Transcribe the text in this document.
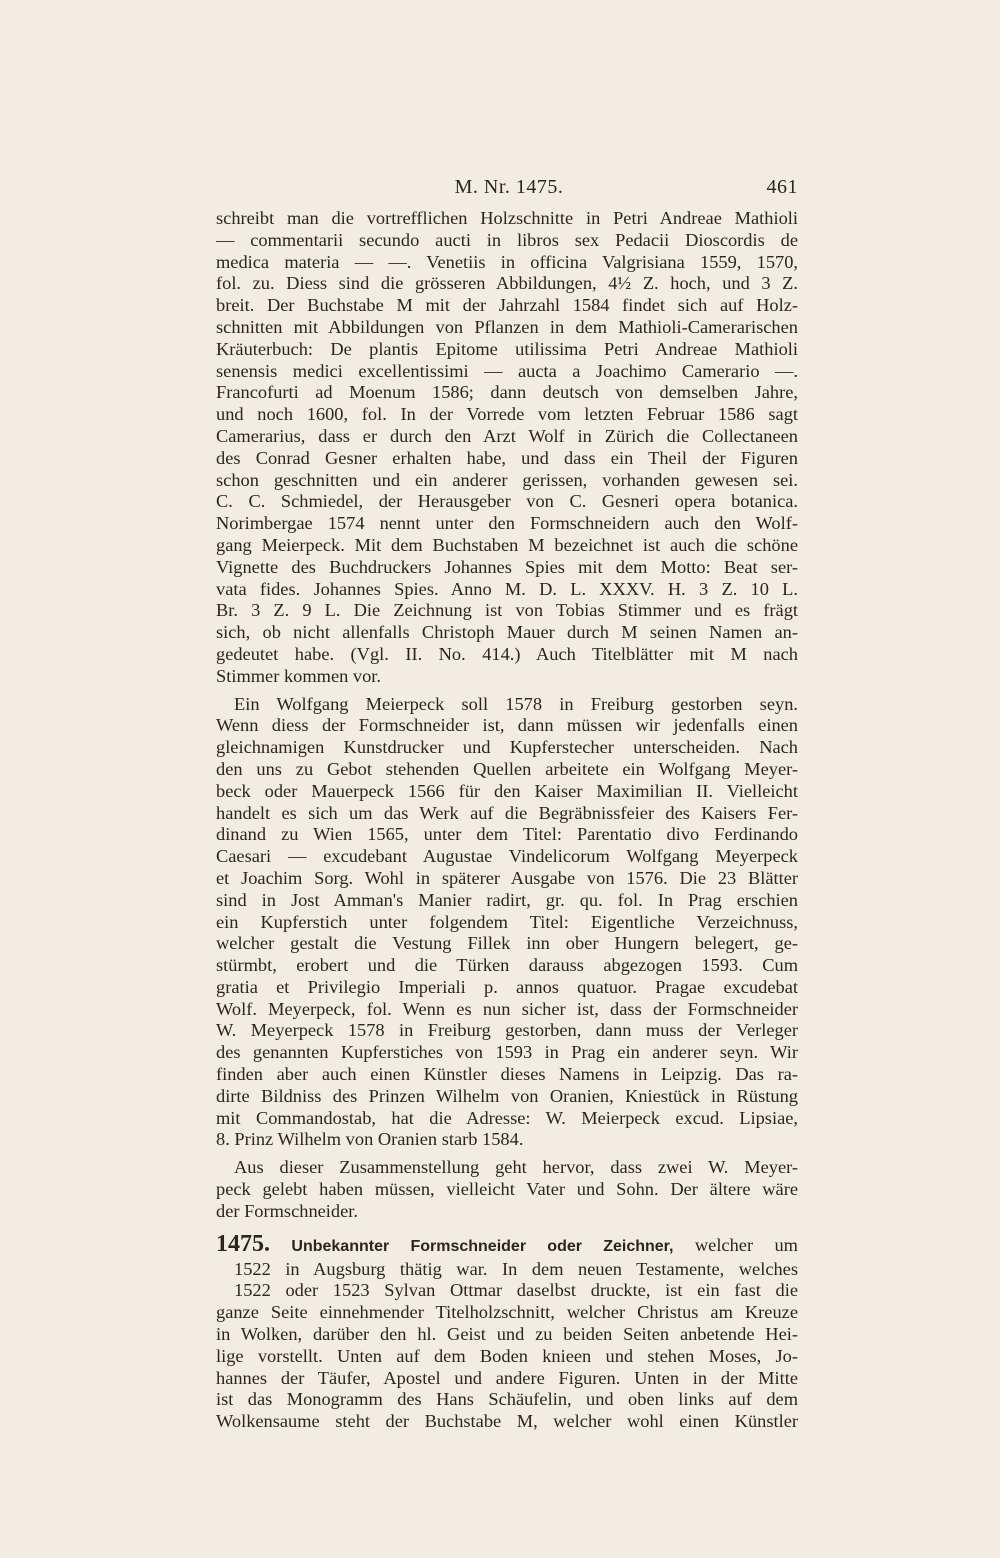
M. Nr. 1475.	461
schreibt man die vortrefflichen Holzschnitte in Petri Andreae Mathioli
— commentarii secundo aucti in libros sex Pedacii Dioscordis de
medica materia — —. Venetiis in officina Valgrisiana 1559, 1570,
fol. zu. Diess sind die grösseren Abbildungen, 4½ Z. hoch, und 3 Z.
breit. Der Buchstabe M mit der Jahrzahl 1584 findet sich auf Holz-
schnitten mit Abbildungen von Pflanzen in dem Mathioli-Camerarischen
Kräuterbuch: De plantis Epitome utilissima Petri Andreae Mathioli
senensis medici excellentissimi — aucta a Joachimo Camerario —.
Francofurti ad Moenum 1586; dann deutsch von demselben Jahre,
und noch 1600, fol. In der Vorrede vom letzten Februar 1586 sagt
Camerarius, dass er durch den Arzt Wolf in Zürich die Collectaneen
des Conrad Gesner erhalten habe, und dass ein Theil der Figuren
schon geschnitten und ein anderer gerissen, vorhanden gewesen sei.
C. C. Schmiedel, der Herausgeber von C. Gesneri opera botanica.
Norimbergae 1574 nennt unter den Formschneidern auch den Wolf-
gang Meierpeck. Mit dem Buchstaben M bezeichnet ist auch die schöne
Vignette des Buchdruckers Johannes Spies mit dem Motto: Beat ser-
vata fides. Johannes Spies. Anno M. D. L. XXXV. H. 3 Z. 10 L.
Br. 3 Z. 9 L. Die Zeichnung ist von Tobias Stimmer und es frägt
sich, ob nicht allenfalls Christoph Mauer durch M seinen Namen an-
gedeutet habe. (Vgl. II. No. 414.) Auch Titelblätter mit M nach
Stimmer kommen vor.
Ein Wolfgang Meierpeck soll 1578 in Freiburg gestorben seyn.
Wenn diess der Formschneider ist, dann müssen wir jedenfalls einen
gleichnamigen Kunstdrucker und Kupferstecher unterscheiden. Nach
den uns zu Gebot stehenden Quellen arbeitete ein Wolfgang Meyer-
beck oder Mauerpeck 1566 für den Kaiser Maximilian II. Vielleicht
handelt es sich um das Werk auf die Begräbnissfeier des Kaisers Fer-
dinand zu Wien 1565, unter dem Titel: Parentatio divo Ferdinando
Caesari — excudebant Augustae Vindelicorum Wolfgang Meyerpeck
et Joachim Sorg. Wohl in späterer Ausgabe von 1576. Die 23 Blätter
sind in Jost Amman's Manier radirt, gr. qu. fol. In Prag erschien
ein Kupferstich unter folgendem Titel: Eigentliche Verzeichnuss,
welcher gestalt die Vestung Fillek inn ober Hungern belegert, ge-
stürmbt, erobert und die Türken darauss abgezogen 1593. Cum
gratia et Privilegio Imperiali p. annos quatuor. Pragae excudebat
Wolf. Meyerpeck, fol. Wenn es nun sicher ist, dass der Formschneider
W. Meyerpeck 1578 in Freiburg gestorben, dann muss der Verleger
des genannten Kupferstiches von 1593 in Prag ein anderer seyn. Wir
finden aber auch einen Künstler dieses Namens in Leipzig. Das ra-
dirte Bildniss des Prinzen Wilhelm von Oranien, Kniestück in Rüstung
mit Commandostab, hat die Adresse: W. Meierpeck excud. Lipsiae,
8. Prinz Wilhelm von Oranien starb 1584.
Aus dieser Zusammenstellung geht hervor, dass zwei W. Meyer-
peck gelebt haben müssen, vielleicht Vater und Sohn. Der ältere wäre
der Formschneider.
1475. Unbekannter Formschneider oder Zeichner, welcher um
1522 in Augsburg thätig war. In dem neuen Testamente, welches
1522 oder 1523 Sylvan Ottmar daselbst druckte, ist ein fast die
ganze Seite einnehmender Titelholzschnitt, welcher Christus am Kreuze
in Wolken, darüber den hl. Geist und zu beiden Seiten anbetende Hei-
lige vorstellt. Unten auf dem Boden knieen und stehen Moses, Jo-
hannes der Täufer, Apostel und andere Figuren. Unten in der Mitte
ist das Monogramm des Hans Schäufelin, und oben links auf dem
Wolkensaume steht der Buchstabe M, welcher wohl einen Künstler
